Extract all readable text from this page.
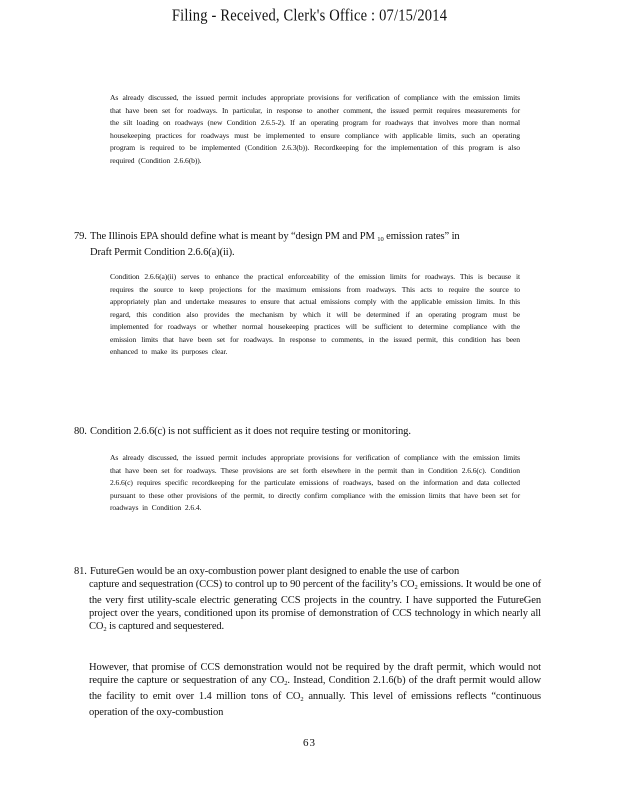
Filing - Received, Clerk's Office : 07/15/2014
As already discussed, the issued permit includes appropriate provisions for verification of compliance with the emission limits that have been set for roadways. In particular, in response to another comment, the issued permit requires measurements for the silt loading on roadways (new Condition 2.6.5-2). If an operating program for roadways that involves more than normal housekeeping practices for roadways must be implemented to ensure compliance with applicable limits, such an operating program is required to be implemented (Condition 2.6.3(b)). Recordkeeping for the implementation of this program is also required (Condition 2.6.6(b)).
79. The Illinois EPA should define what is meant by “design PM and PM $_{10}$ emission rates” in
Draft Permit Condition 2.6.6(a)(ii).
Condition 2.6.6(a)(ii) serves to enhance the practical enforceability of the emission limits for roadways. This is because it requires the source to keep projections for the maximum emissions from roadways. This acts to require the source to appropriately plan and undertake measures to ensure that actual emissions comply with the applicable emission limits. In this regard, this condition also provides the mechanism by which it will be determined if an operating program must be implemented for roadways or whether normal housekeeping practices will be sufficient to determine compliance with the emission limits that have been set for roadways. In response to comments, in the issued permit, this condition has been enhanced to make its purposes clear.
80. Condition 2.6.6(c) is not sufficient as it does not require testing or monitoring.
As already discussed, the issued permit includes appropriate provisions for verification of compliance with the emission limits that have been set for roadways. These provisions are set forth elsewhere in the permit than in Condition 2.6.6(c). Condition 2.6.6(c) requires specific recordkeeping for the particulate emissions of roadways, based on the information and data collected pursuant to these other provisions of the permit, to directly confirm compliance with the emission limits that have been set for roadways in Condition 2.6.4.
81. FutureGen would be an oxy-combustion power plant designed to enable the use of carbon
capture and sequestration (CCS) to control up to 90 percent of the facility’s $CO_2$ emissions. It would be one of the very first utility-scale electric generating CCS projects in the country. I have supported the FutureGen project over the years, conditioned upon its promise of demonstration of CCS technology in which nearly all $CO_2$ is captured and sequestered.
However, that promise of CCS demonstration would not be required by the draft permit, which would not require the capture or sequestration of any $CO_2$. Instead, Condition 2.1.6(b) of the draft permit would allow the facility to emit over 1.4 million tons of $CO_2$ annually. This level of emissions reflects “continuous operation of the oxy-combustion
63
